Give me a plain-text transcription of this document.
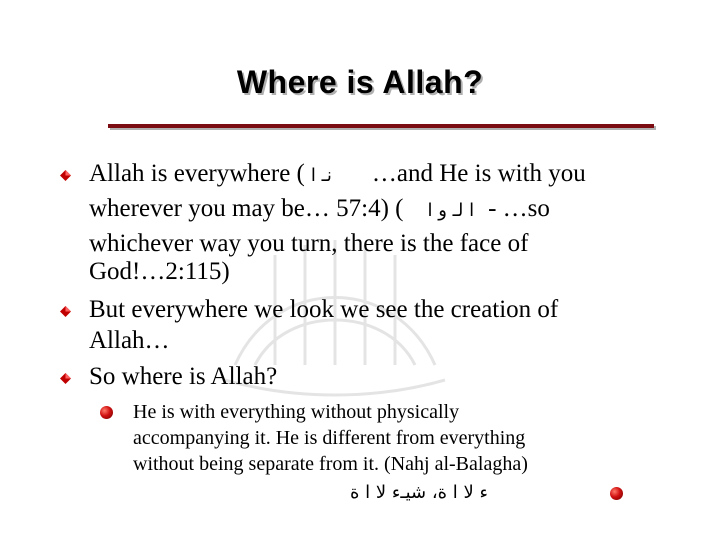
Where is Allah?
Allah is everywhere ( ﻧـ ﺍ …and He is with you
wherever you may be… 57:4) ( ﺍ ﻟـ ﻭ ﺍ - …so
whichever way you turn, there is the face of
God!…2:115)
But everywhere we look we see the creation of
Allah…
So where is Allah?
He is with everything without physically
accompanying it. He is different from everything
without being separate from it. (Nahj al-Balagha)
ﺀ ﻻ ﺍ ﺓ، ﺷﻴـﺀ ﻻ ﺍ ﺓ
